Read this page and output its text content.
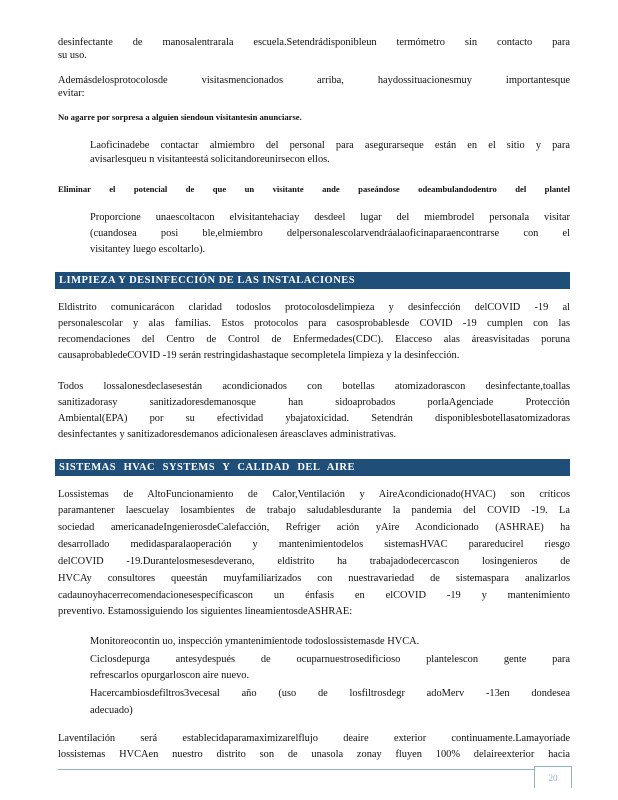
desinfectante de manosalentrarala escuela.Setendrádisponibleun termómetro sin contacto para
su uso.
Ademásdelosprotocolosde visitasmencionados arriba, haydossituacionesmuy importantesque
evitar:
No agarre por sorpresa a alguien siendoun visitantesin anunciarse.
Laoficinadebe contactar almiembro del personal para asegurarseque están en el sitio y para
avisarlesqueu n visitanteestá solicitandoreunirsecon ellos.
Eliminar el potencial de que un visitante ande paseándose odeambulandodentro del plantel
Proporcione unaescoltacon elvisitantehaciay desdeel lugar del miembrodel personala visitar
(cuandosea posi ble,elmiembro delpersonalescolarvendráalaoficinaparaencontrarse con el
visitantey luego escoltarlo).
LIMPIEZA Y DESINFECCIÓN DE LAS INSTALACIONES
Eldistrito comunicarácon claridad todoslos protocolosdelimpieza y desinfección delCOVID -19 al
personalescolar y alas familias. Estos protocolos para casosprobablesde COVID -19 cumplen con las
recomendaciones del Centro de Control de Enfermedades(CDC). Elacceso alas áreasvisitadas poruna
causaprobabledeCOVID -19 serán restringidashastaque secompletela limpieza y la desinfección.
Todos lossalonesdeclasesestán acondicionados con botellas atomizadorascon desinfectante,toallas
sanitizadorasy sanitizadoresdemanosque han sidoaprobados porlaAgenciade Protección
Ambiental(EPA) por su efectividad ybajatoxicidad. Setendrán disponiblesbotellasatomizadoras
desinfectantes y sanitizadoresdemanos adicionalesen áreasclaves administrativas.
SISTEMAS HVAC SYSTEMS Y CALIDAD DEL AIRE
Lossistemas de AltoFuncionamiento de Calor,Ventilación y AireAcondicionado(HVAC) son críticos
paramantener laescuelay losambientes de trabajo saludablesdurante la pandemia del COVID -19. La
sociedad americanadeIngenierosdeCalefacción, Refriger ación yAire Acondicionado (ASHRAE) ha
desarrollado medidasparalaoperación y mantenimientodelos sistemasHVAC parareducirel riesgo
delCOVID -19.Durantelosmesesdeverano, eldistrito ha trabajadodecercascon losingenieros de
HVCAy consultores queestán muyfamiliarizados con nuestravariedad de sistemaspara analizarlos
cadaunoyhacerrecomendacionesespecíficascon un énfasis en elCOVID -19 y mantenimiento
preventivo. Estamossiguiendo los siguientes lineamientosdeASHRAE:
Monitoreocontin uo, inspección ymantenimientode todoslossistemasde HVCA.
Ciclosdepurga antesydespués de ocuparnuestrosedificioso plantelescon gente para
refrescarlos opurgarloscon aire nuevo.
Hacercambiosdefiltros3vecesal año (uso de losfiltrosdegr adoMerv -13en dondesea
adecuado)
Laventilación será establecidaparamaximizarelflujo deaire exterior continuamente.Lamayoríade
lossistemas HVCAen nuestro distrito son de unasola zonay fluyen 100% delaireexterior hacia
20
